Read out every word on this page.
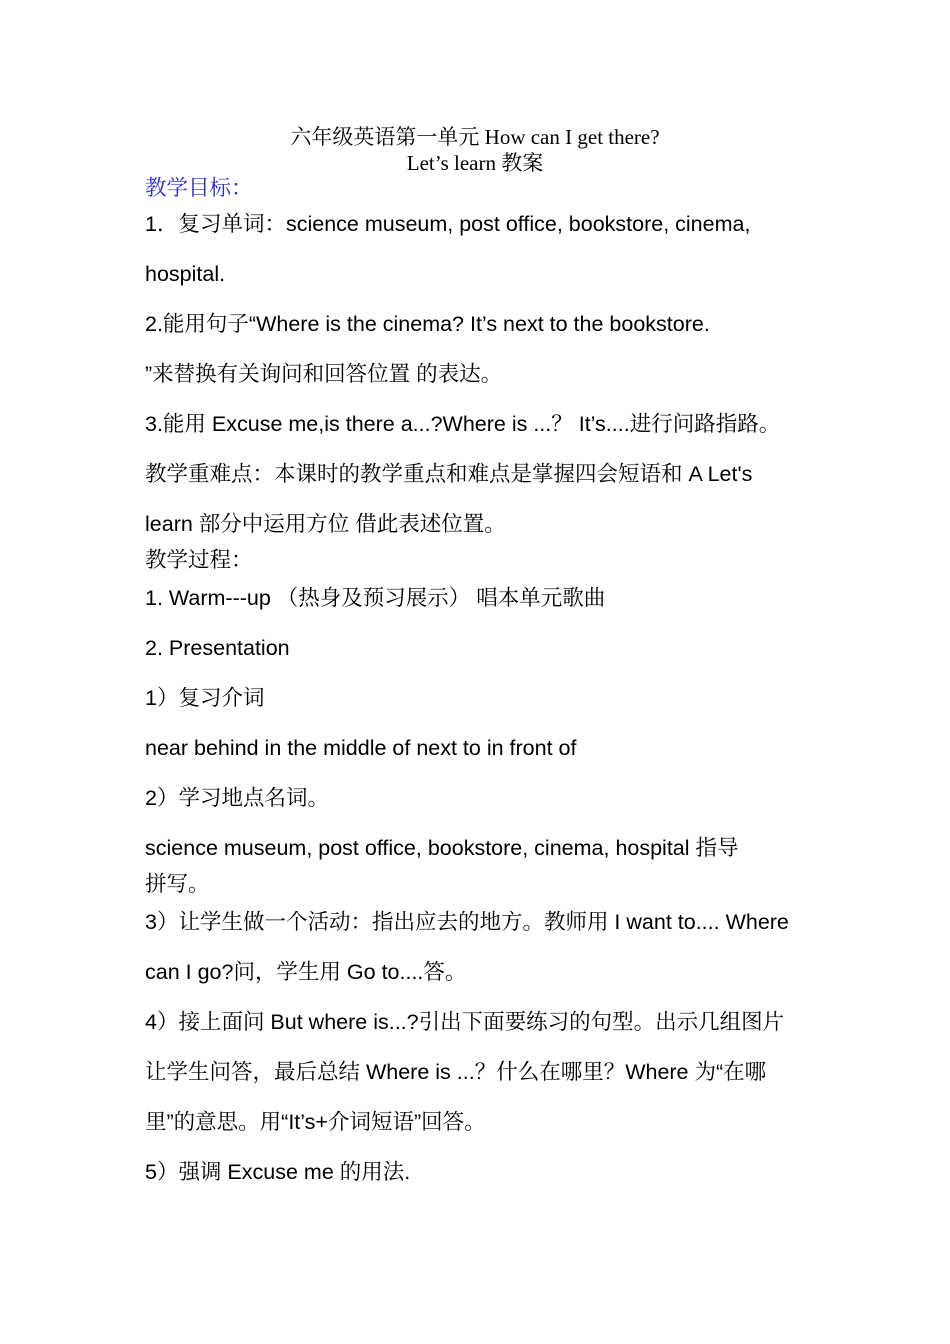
六年级英语第一单元 How can I get there?
Let’s learn 教案
教学目标：
1．复习单词：science museum, post office, bookstore, cinema,
hospital.
2.能用句子“Where is the cinema? It’s next to the bookstore.
”来替换有关询问和回答位置 的表达。
3.能用 Excuse me,is there a...?Where is ...？ It’s....进行问路指路。
教学重难点：本课时的教学重点和难点是掌握四会短语和 A Let's
learn 部分中运用方位 借此表述位置。
教学过程：
1. Warm---up （热身及预习展示） 唱本单元歌曲
2. Presentation
1）复习介词
near behind in the middle of next to in front of
2）学习地点名词。
science museum, post office, bookstore, cinema, hospital 指导
拼写。
3）让学生做一个活动：指出应去的地方。教师用 I want to.... Where
can I go?问，学生用 Go to....答。
4）接上面问 But where is...?引出下面要练习的句型。出示几组图片
让学生问答，最后总结 Where is ...？什么在哪里？Where 为“在哪
里”的意思。用“It’s+介词短语”回答。
5）强调 Excuse me 的用法.
